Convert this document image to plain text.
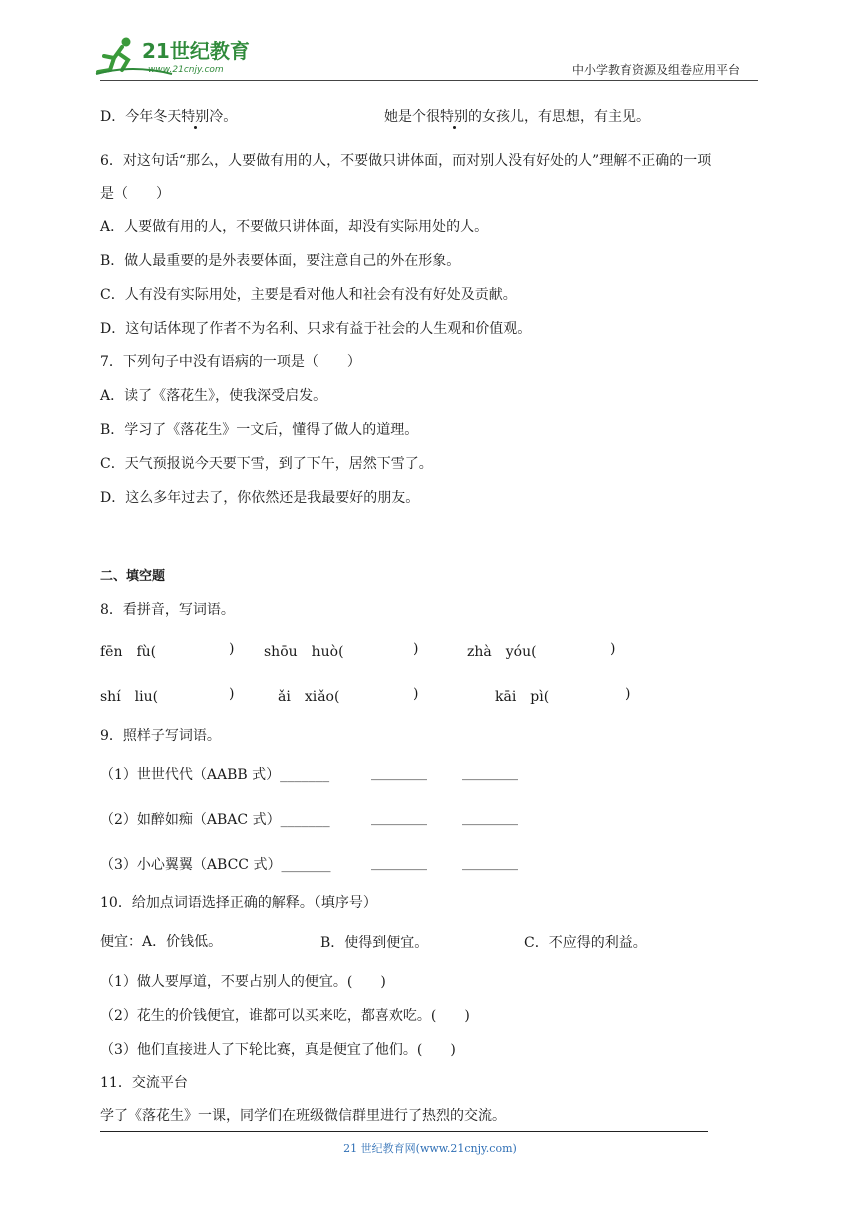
21世纪教育
www.21cnjy.com	中小学教育资源及组卷应用平台
D．今年冬天特别冷。	她是个很特别的女孩儿，有思想，有主见。
6．对这句话“那么，人要做有用的人，不要做只讲体面，而对别人没有好处的人”理解不正确的一项
是（　　）
A．人要做有用的人，不要做只讲体面，却没有实际用处的人。
B．做人最重要的是外表要体面，要注意自己的外在形象。
C．人有没有实际用处，主要是看对他人和社会有没有好处及贡献。
D．这句话体现了作者不为名利、只求有益于社会的人生观和价值观。
7．下列句子中没有语病的一项是（　　）
A．读了《落花生》，使我深受启发。
B．学习了《落花生》一文后，懂得了做人的道理。
C．天气预报说今天要下雪，到了下午，居然下雪了。
D．这么多年过去了，你依然还是我最要好的朋友。
二、填空题
8．看拼音，写词语。
fēn　fù(	) shōu　huò(	)	zhà　yóu(	)
shí　liu(	)	ǎi　xiǎo(	)	kāi　pì(	)
9．照样子写词语。
（1）世世代代（AABB 式）_______	________	________
（2）如醉如痴（ABAC 式）_______	________	________
（3）小心翼翼（ABCC 式）_______	________	________
10．给加点词语选择正确的解释。（填序号）
便宜：A．价钱低。	B．使得到便宜。	C．不应得的利益。
（1）做人要厚道，不要占别人的便宜。(　　)
（2）花生的价钱便宜，谁都可以买来吃，都喜欢吃。(　　)
（3）他们直接进人了下轮比赛，真是便宜了他们。(　　)
11．交流平台
学了《落花生》一课，同学们在班级微信群里进行了热烈的交流。
21 世纪教育网(www.21cnjy.com)
